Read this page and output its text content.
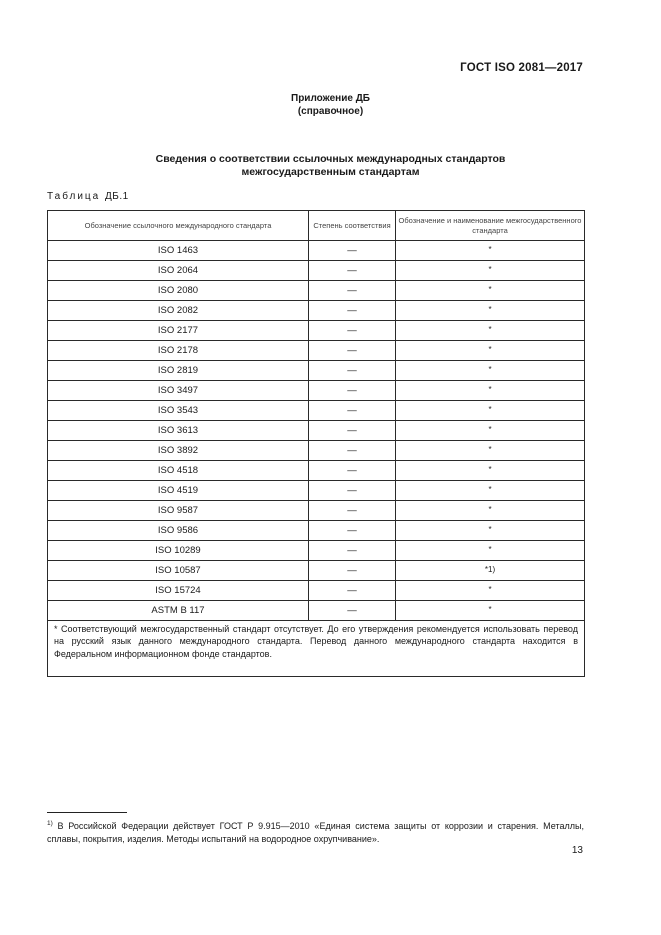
ГОСТ ISO 2081—2017
Приложение ДБ
(справочное)
Сведения о соответствии ссылочных международных стандартов
межгосударственным стандартам
Таблица ДБ.1
Обозначение ссылочного международного стандарта	Степень соответствия	Обозначение и наименование межгосударственного стандарта
ISO 1463	—	*
ISO 2064	—	*
ISO 2080	—	*
ISO 2082	—	*
ISO 2177	—	*
ISO 2178	—	*
ISO 2819	—	*
ISO 3497	—	*
ISO 3543	—	*
ISO 3613	—	*
ISO 3892	—	*
ISO 4518	—	*
ISO 4519	—	*
ISO 9587	—	*
ISO 9586	—	*
ISO 10289	—	*
ISO 10587	—	*1)
ISO 15724	—	*
ASTM B 117	—	*
* Соответствующий межгосударственный стандарт отсутствует. До его утверждения рекомендуется использовать перевод на русский язык данного международного стандарта. Перевод данного международного стандарта находится в Федеральном информационном фонде стандартов.		
$^{1)}$ В Российской Федерации действует ГОСТ Р 9.915—2010 «Единая система защиты от коррозии и старения. Металлы, сплавы, покрытия, изделия. Методы испытаний на водородное охрупчивание».
13
